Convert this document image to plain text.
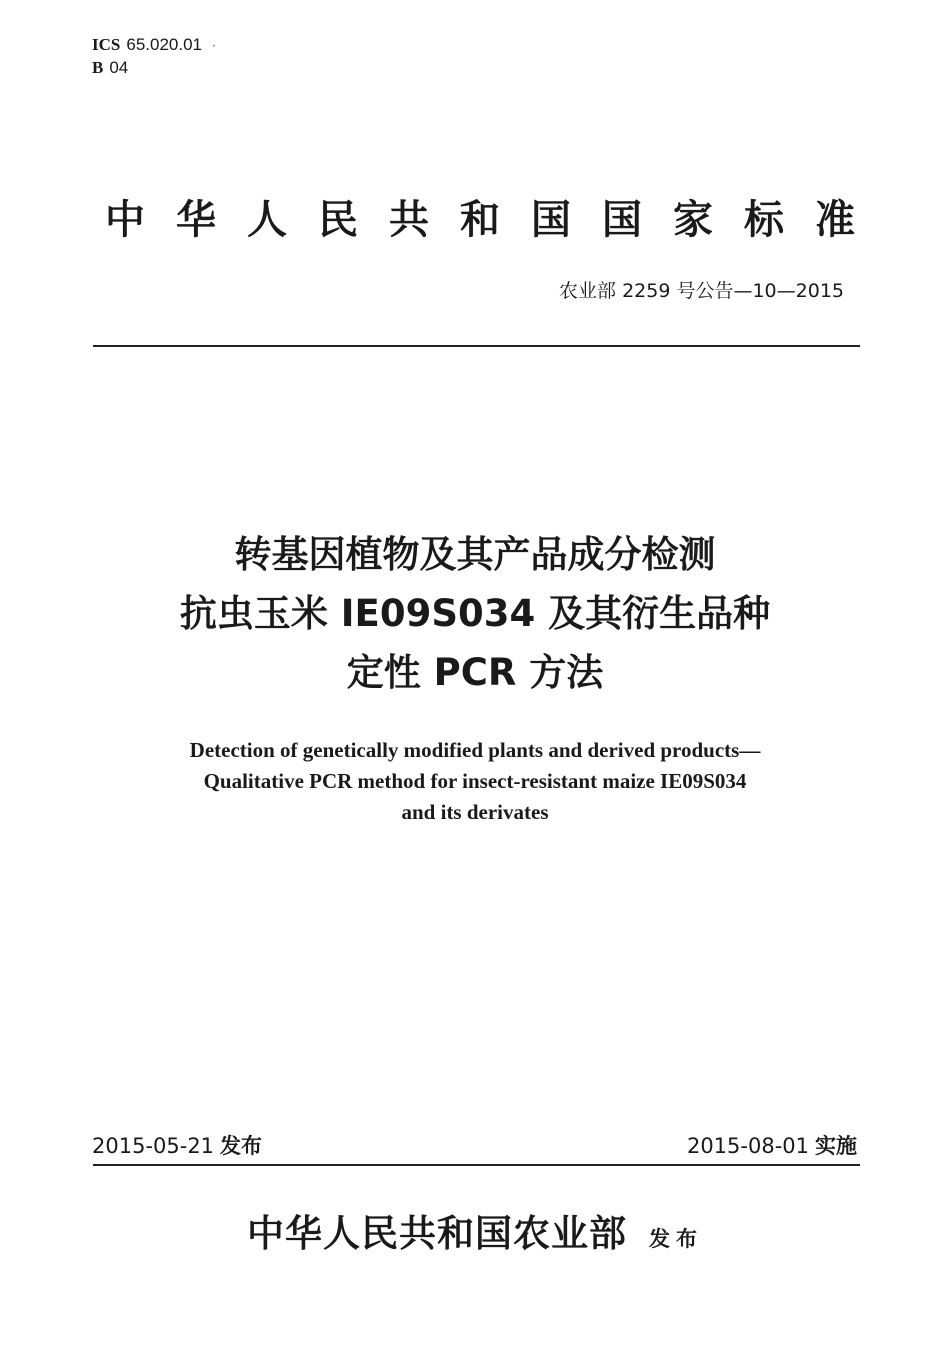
ICS 65.020.01 ·
B 04
中华人民共和国国家标准
农业部 2259 号公告—10—2015
转基因植物及其产品成分检测
抗虫玉米 IE09S034 及其衍生品种
定性 PCR 方法
Detection of genetically modified plants and derived products—
Qualitative PCR method for insect-resistant maize IE09S034
and its derivates
2015-05-21 发布	2015-08-01 实施
中华人民共和国农业部 发布
